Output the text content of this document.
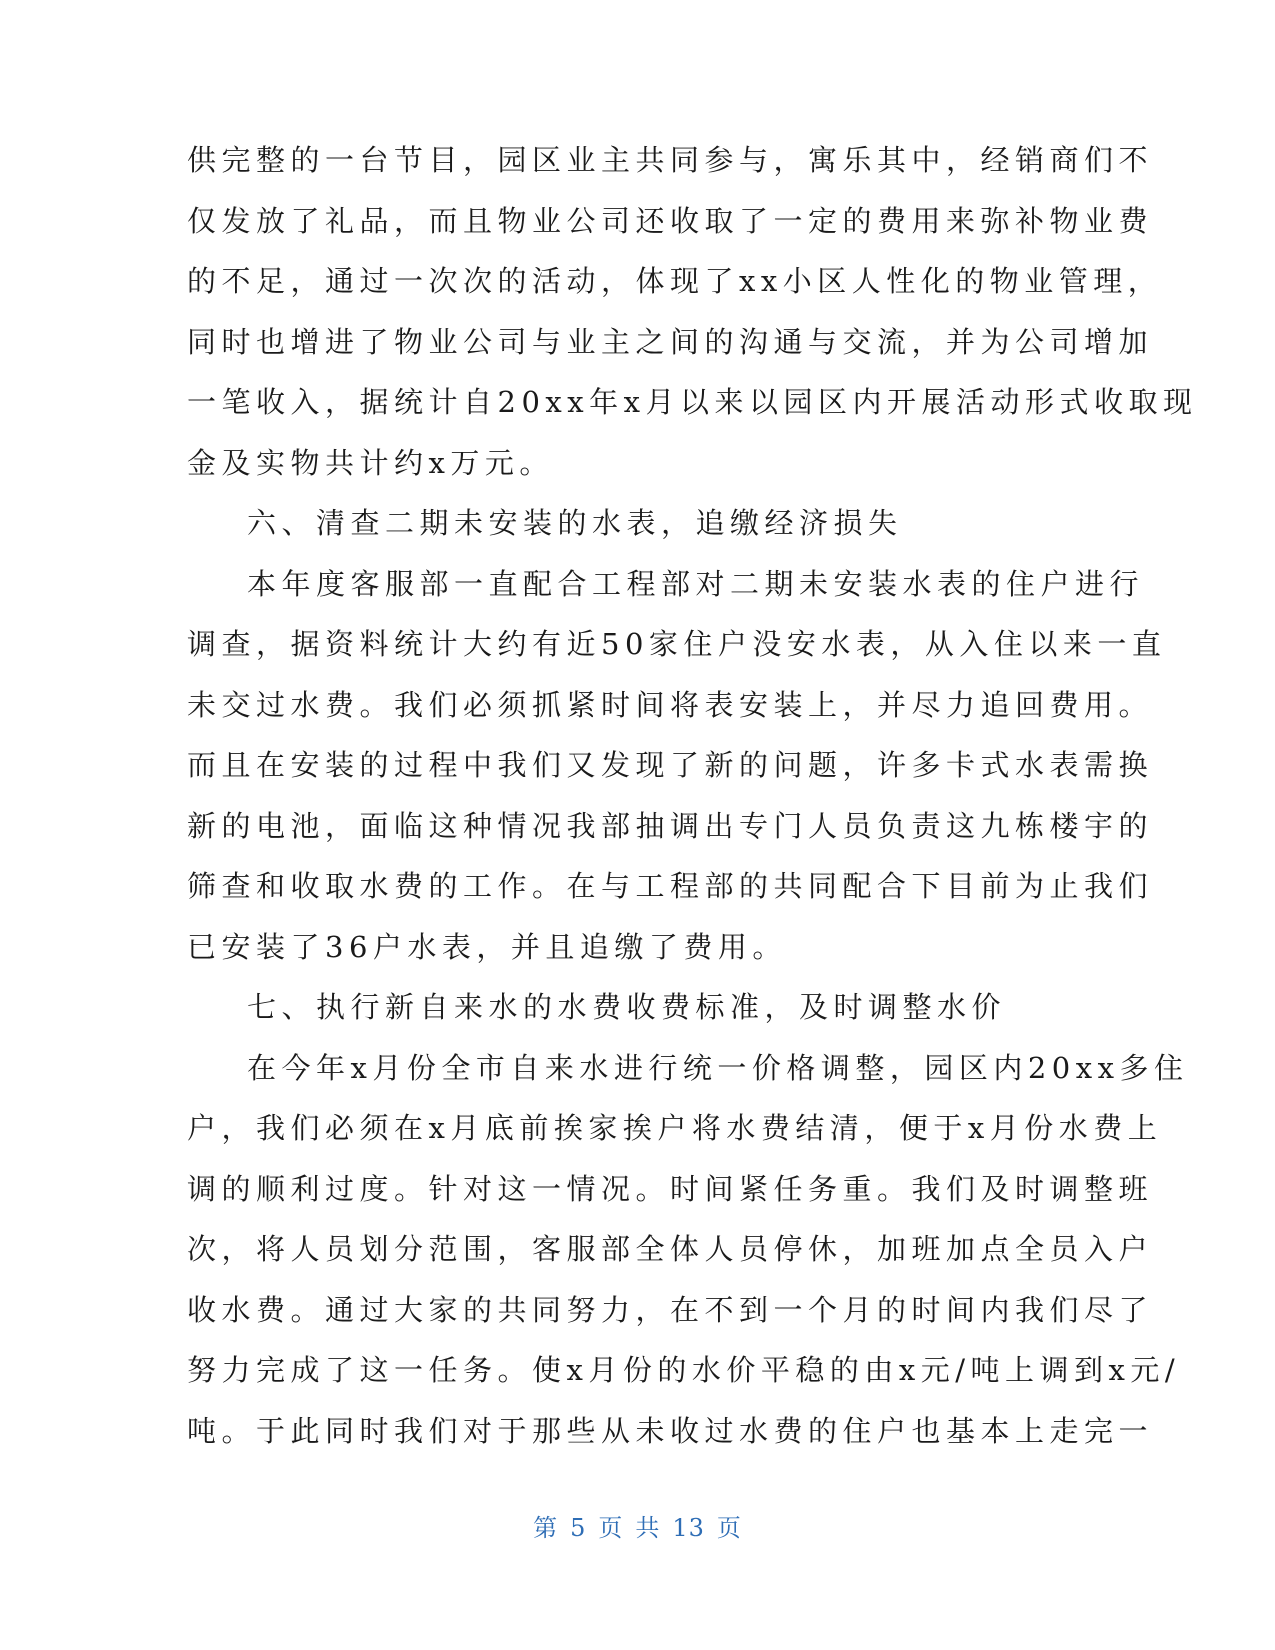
供完整的一台节目，园区业主共同参与，寓乐其中，经销商们不
仅发放了礼品，而且物业公司还收取了一定的费用来弥补物业费
的不足，通过一次次的活动，体现了xx小区人性化的物业管理，
同时也增进了物业公司与业主之间的沟通与交流，并为公司增加
一笔收入，据统计自20xx年x月以来以园区内开展活动形式收取现
金及实物共计约x万元。
六、清查二期未安装的水表，追缴经济损失
本年度客服部一直配合工程部对二期未安装水表的住户进行
调查，据资料统计大约有近50家住户没安水表，从入住以来一直
未交过水费。我们必须抓紧时间将表安装上，并尽力追回费用。
而且在安装的过程中我们又发现了新的问题，许多卡式水表需换
新的电池，面临这种情况我部抽调出专门人员负责这九栋楼宇的
筛查和收取水费的工作。在与工程部的共同配合下目前为止我们
已安装了36户水表，并且追缴了费用。
七、执行新自来水的水费收费标准，及时调整水价
在今年x月份全市自来水进行统一价格调整，园区内20xx多住
户，我们必须在x月底前挨家挨户将水费结清，便于x月份水费上
调的顺利过度。针对这一情况。时间紧任务重。我们及时调整班
次，将人员划分范围，客服部全体人员停休，加班加点全员入户
收水费。通过大家的共同努力，在不到一个月的时间内我们尽了
努力完成了这一任务。使x月份的水价平稳的由x元/吨上调到x元/
吨。于此同时我们对于那些从未收过水费的住户也基本上走完一
第 5 页 共 13 页
